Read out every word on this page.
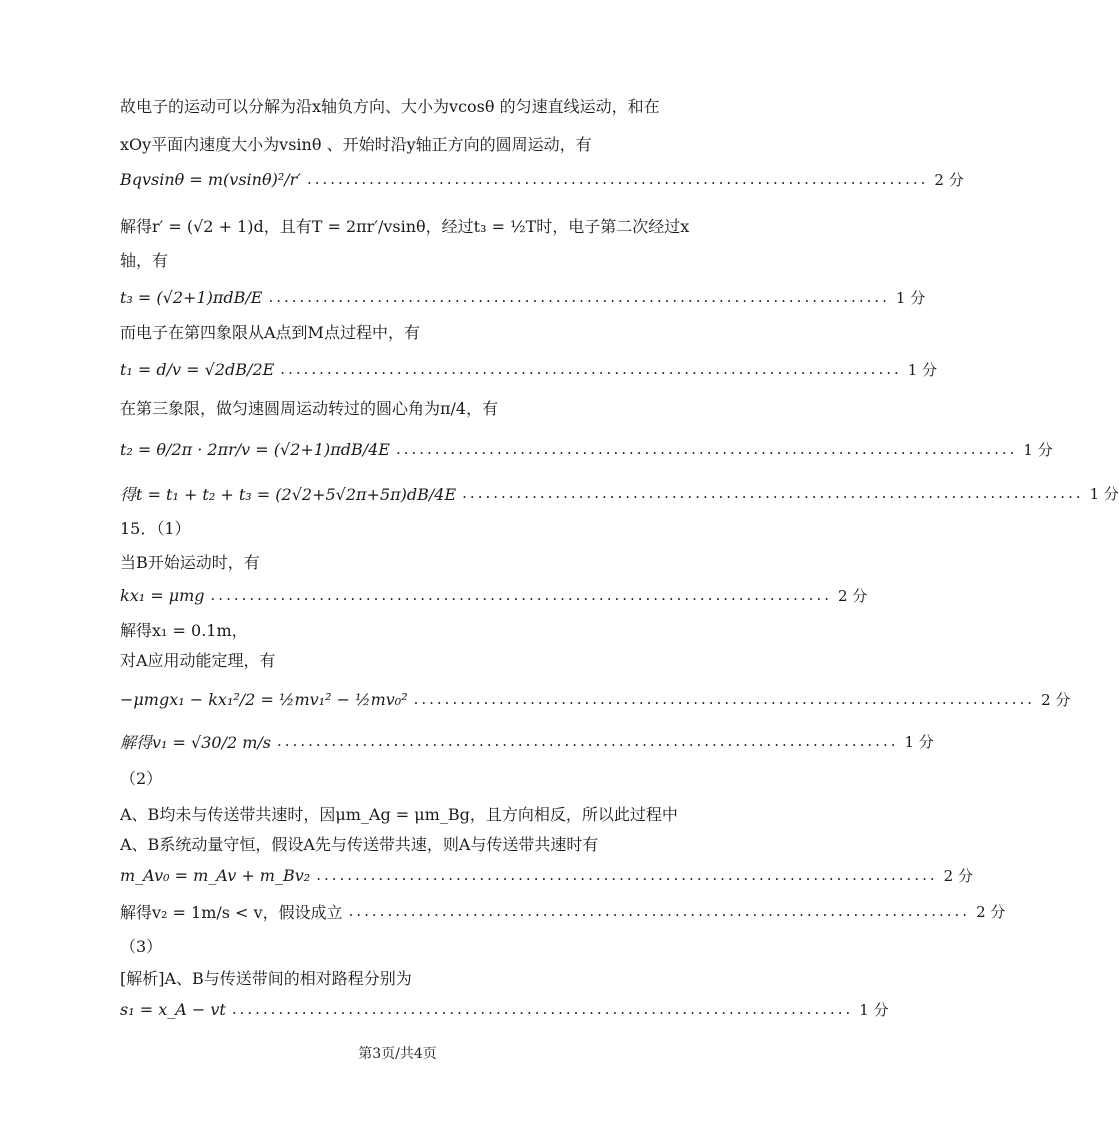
故电子的运动可以分解为沿x轴负方向、大小为vcosθ 的匀速直线运动，和在
xOy平面内速度大小为vsinθ 、开始时沿y轴正方向的圆周运动，有
Bqvsinθ = m(vsinθ)²/r′ ................................................................................ 2 分
解得r′ = (√2 + 1)d，且有T = 2πr′/vsinθ，经过t₃ = ½T时，电子第二次经过x
轴，有
t₃ = (√2+1)πdB/E ................................................................................ 1 分
而电子在第四象限从A点到M点过程中，有
t₁ = d/v = √2dB/2E ................................................................................ 1 分
在第三象限，做匀速圆周运动转过的圆心角为π/4，有
t₂ = θ/2π · 2πr/v = (√2+1)πdB/4E ................................................................................ 1 分
得t = t₁ + t₂ + t₃ = (2√2+5√2π+5π)dB/4E ................................................................................ 1 分
15．（1）
当B开始运动时，有
kx₁ = μmg ................................................................................ 2 分
解得x₁ = 0.1m，
对A应用动能定理，有
−μmgx₁ − kx₁²/2 = ½mv₁² − ½mv₀² ................................................................................ 2 分
解得v₁ = √30/2 m/s ................................................................................ 1 分
（2）
A、B均未与传送带共速时，因μm_Ag = μm_Bg，且方向相反，所以此过程中
A、B系统动量守恒，假设A先与传送带共速，则A与传送带共速时有
m_Av₀ = m_Av + m_Bv₂ ................................................................................ 2 分
解得v₂ = 1m/s < v，假设成立 ................................................................................ 2 分
（3）
[解析]A、B与传送带间的相对路程分别为
s₁ = x_A − vt ................................................................................ 1 分
第3页/共4页
